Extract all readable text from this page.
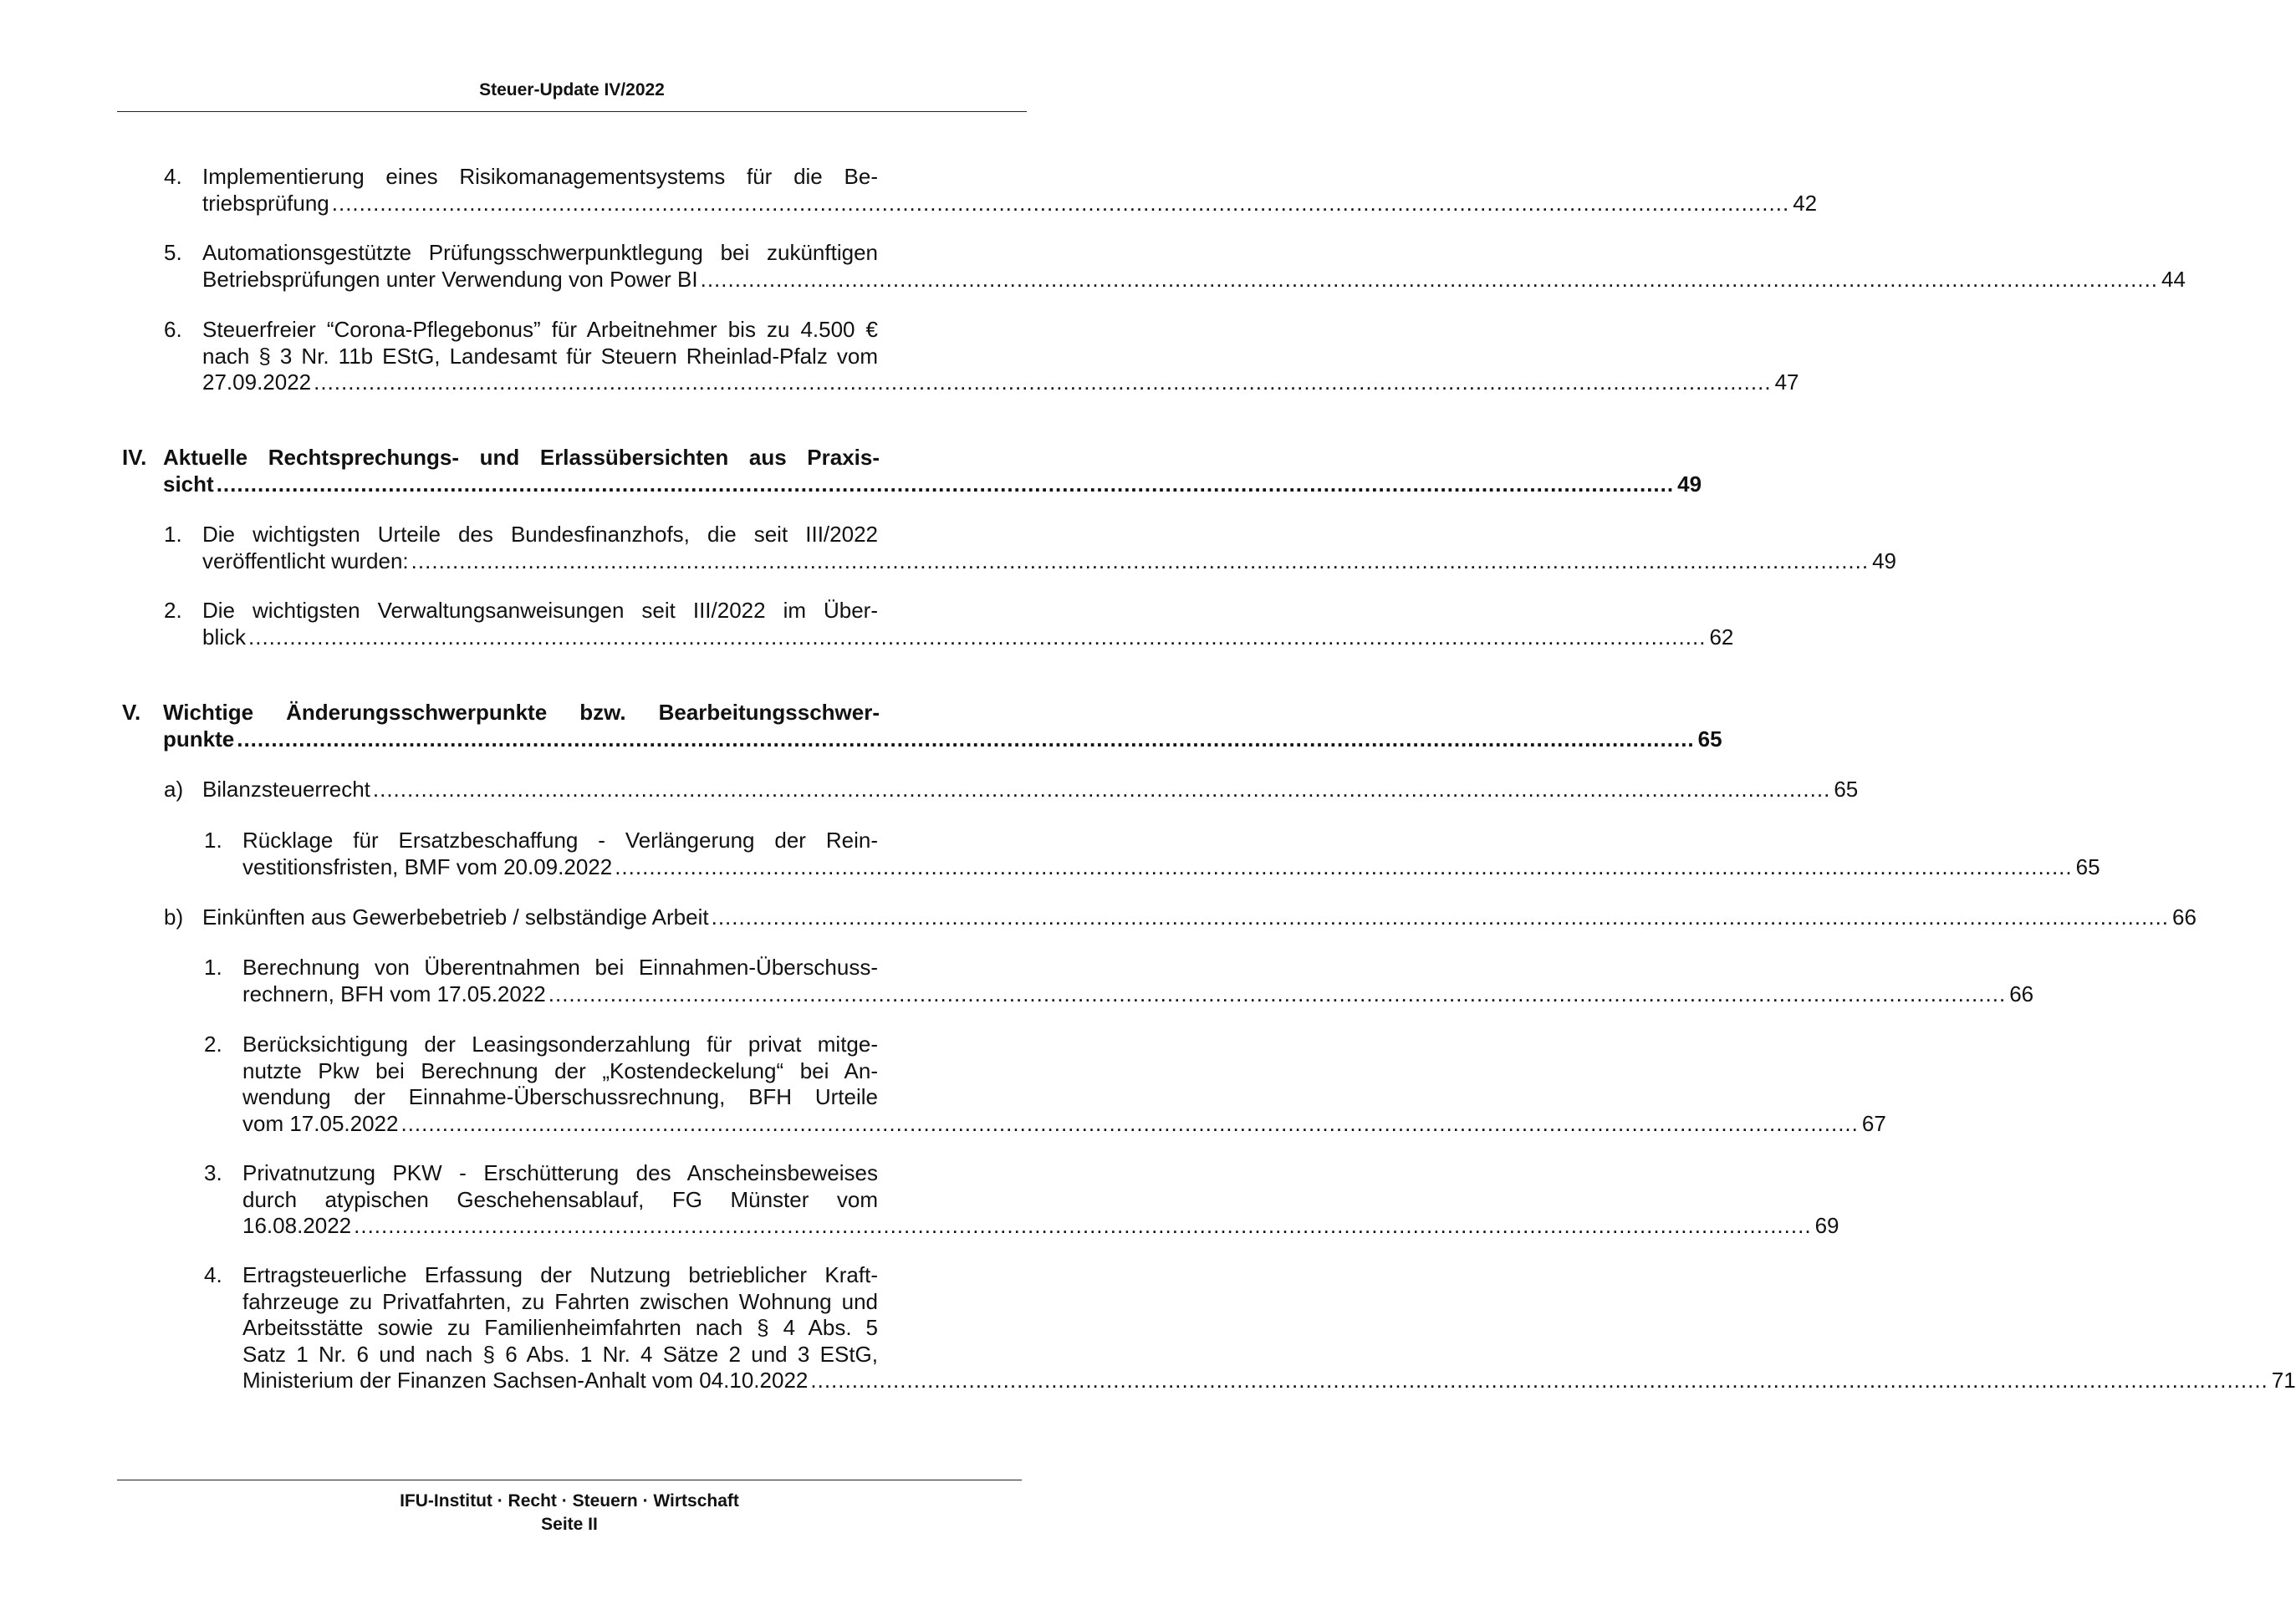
Steuer-Update IV/2022
4. Implementierung eines Risikomanagementsystems für die Be-
triebsprüfung .................................................................................................................................................................................................................... 42
5. Automationsgestützte Prüfungsschwerpunktlegung bei zukünftigen
Betriebsprüfungen unter Verwendung von Power BI .................................................................................................................................................................................................................... 44
6. Steuerfreier “Corona-Pflegebonus” für Arbeitnehmer bis zu 4.500 €
nach § 3 Nr. 11b EStG, Landesamt für Steuern Rheinlad-Pfalz vom
27.09.2022 .................................................................................................................................................................................................................... 47
IV. Aktuelle Rechtsprechungs- und Erlassübersichten aus Praxis-
sicht .................................................................................................................................................................................................................... 49
1. Die wichtigsten Urteile des Bundesfinanzhofs, die seit III/2022
veröffentlicht wurden: .................................................................................................................................................................................................................... 49
2. Die wichtigsten Verwaltungsanweisungen seit III/2022 im Über-
blick .................................................................................................................................................................................................................... 62
V. Wichtige Änderungsschwerpunkte bzw. Bearbeitungsschwer-
punkte .................................................................................................................................................................................................................... 65
a) Bilanzsteuerrecht .................................................................................................................................................................................................................... 65
1. Rücklage für Ersatzbeschaffung - Verlängerung der Rein-
vestitionsfristen, BMF vom 20.09.2022 .................................................................................................................................................................................................................... 65
b) Einkünften aus Gewerbebetrieb / selbständige Arbeit .................................................................................................................................................................................................................... 66
1. Berechnung von Überentnahmen bei Einnahmen-Überschuss-
rechnern, BFH vom 17.05.2022 .................................................................................................................................................................................................................... 66
2. Berücksichtigung der Leasingsonderzahlung für privat mitge-
nutzte Pkw bei Berechnung der „Kostendeckelung“ bei An-
wendung der Einnahme-Überschussrechnung, BFH Urteile
vom 17.05.2022 .................................................................................................................................................................................................................... 67
3. Privatnutzung PKW - Erschütterung des Anscheinsbeweises
durch atypischen Geschehensablauf, FG Münster vom
16.08.2022 .................................................................................................................................................................................................................... 69
4. Ertragsteuerliche Erfassung der Nutzung betrieblicher Kraft-
fahrzeuge zu Privatfahrten, zu Fahrten zwischen Wohnung und
Arbeitsstätte sowie zu Familienheimfahrten nach § 4 Abs. 5
Satz 1 Nr. 6 und nach § 6 Abs. 1 Nr. 4 Sätze 2 und 3 EStG,
Ministerium der Finanzen Sachsen-Anhalt vom 04.10.2022 .................................................................................................................................................................................................................... 71
IFU-Institut · Recht · Steuern · Wirtschaft
Seite II
